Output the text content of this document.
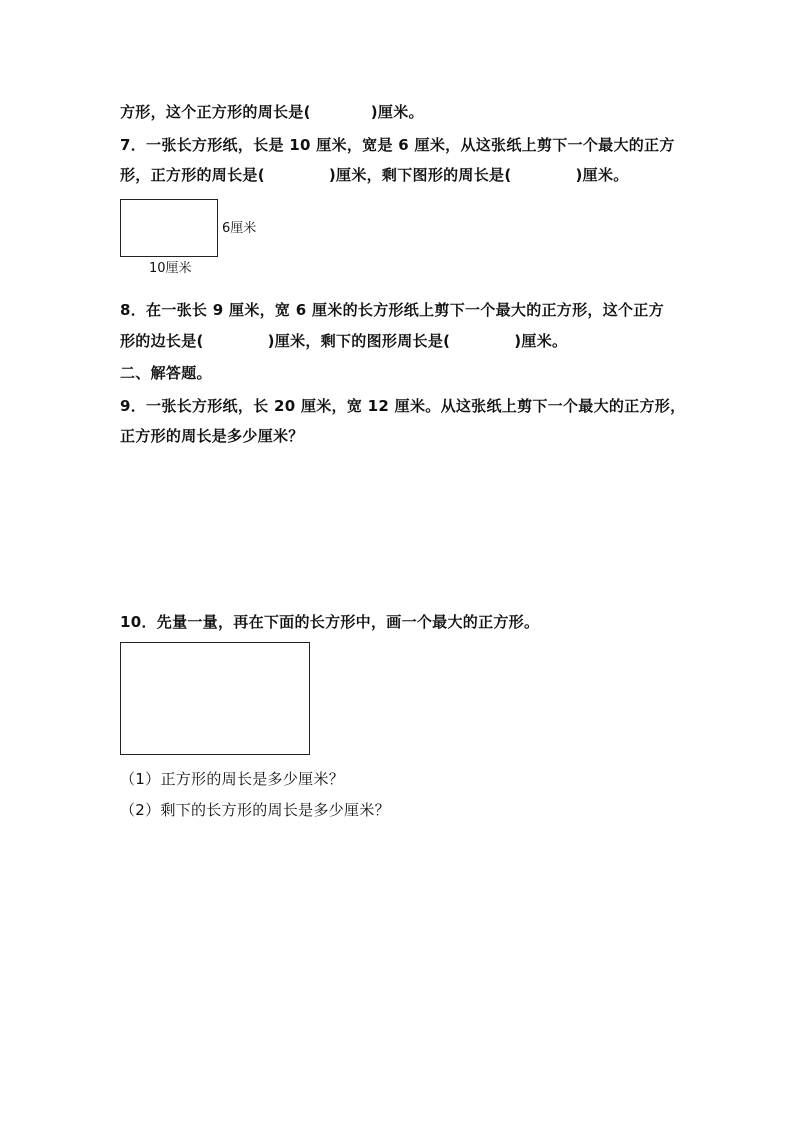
方形，这个正方形的周长是(	)厘米。
7．一张长方形纸，长是 10 厘米，宽是 6 厘米，从这张纸上剪下一个最大的正方
形，正方形的周长是(	)厘米，剩下图形的周长是(	)厘米。
6厘米
10厘米
8．在一张长 9 厘米，宽 6 厘米的长方形纸上剪下一个最大的正方形，这个正方
形的边长是(	)厘米，剩下的图形周长是(	)厘米。
二、解答题。
9．一张长方形纸，长 20 厘米，宽 12 厘米。从这张纸上剪下一个最大的正方形，
正方形的周长是多少厘米？
10．先量一量，再在下面的长方形中，画一个最大的正方形。
（1）正方形的周长是多少厘米？
（2）剩下的长方形的周长是多少厘米？
